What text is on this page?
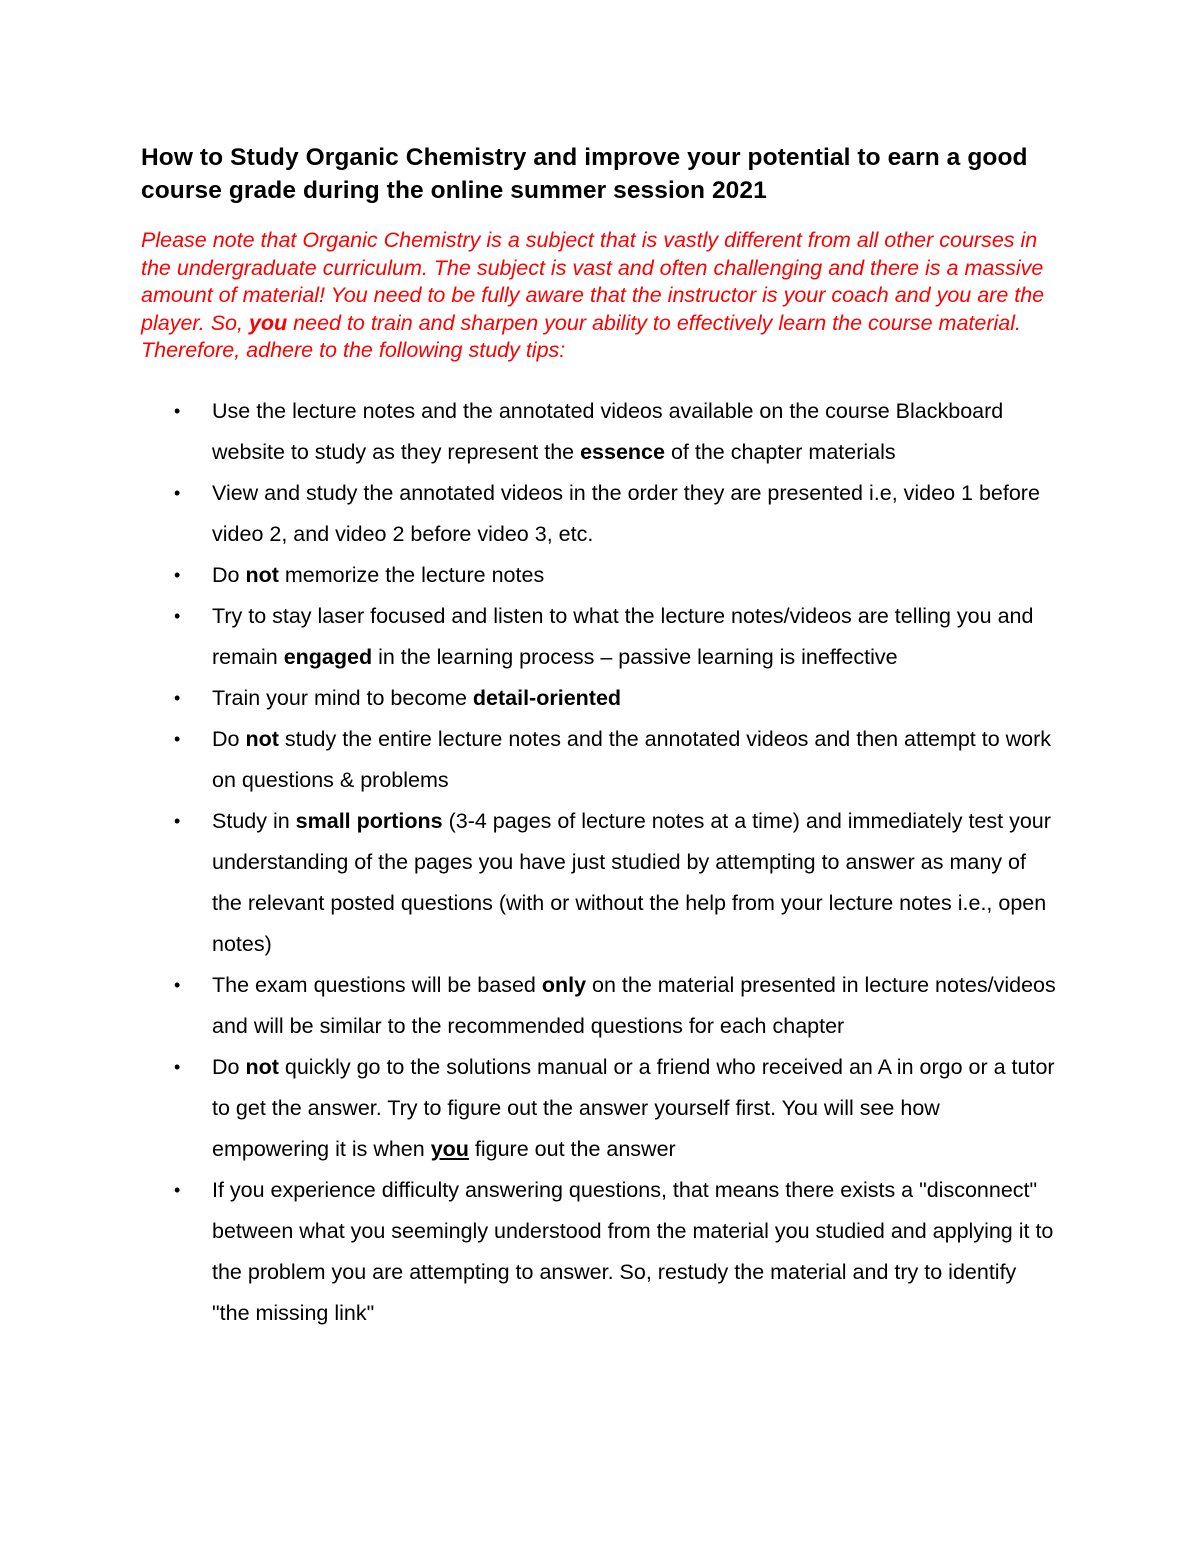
How to Study Organic Chemistry and improve your potential to earn a good course grade during the online summer session 2021

Please note that Organic Chemistry is a subject that is vastly different from all other courses in the undergraduate curriculum. The subject is vast and often challenging and there is a massive amount of material! You need to be fully aware that the instructor is your coach and you are the player. So, you need to train and sharpen your ability to effectively learn the course material. Therefore, adhere to the following study tips:

• Use the lecture notes and the annotated videos available on the course Blackboard website to study as they represent the essence of the chapter materials
• View and study the annotated videos in the order they are presented i.e, video 1 before video 2, and video 2 before video 3, etc.
• Do not memorize the lecture notes
• Try to stay laser focused and listen to what the lecture notes/videos are telling you and remain engaged in the learning process – passive learning is ineffective
• Train your mind to become detail-oriented
• Do not study the entire lecture notes and the annotated videos and then attempt to work on questions & problems
• Study in small portions (3-4 pages of lecture notes at a time) and immediately test your understanding of the pages you have just studied by attempting to answer as many of the relevant posted questions (with or without the help from your lecture notes i.e., open notes)
• The exam questions will be based only on the material presented in lecture notes/videos and will be similar to the recommended questions for each chapter
• Do not quickly go to the solutions manual or a friend who received an A in orgo or a tutor to get the answer. Try to figure out the answer yourself first. You will see how empowering it is when you figure out the answer
• If you experience difficulty answering questions, that means there exists a "disconnect" between what you seemingly understood from the material you studied and applying it to the problem you are attempting to answer. So, restudy the material and try to identify "the missing link"
